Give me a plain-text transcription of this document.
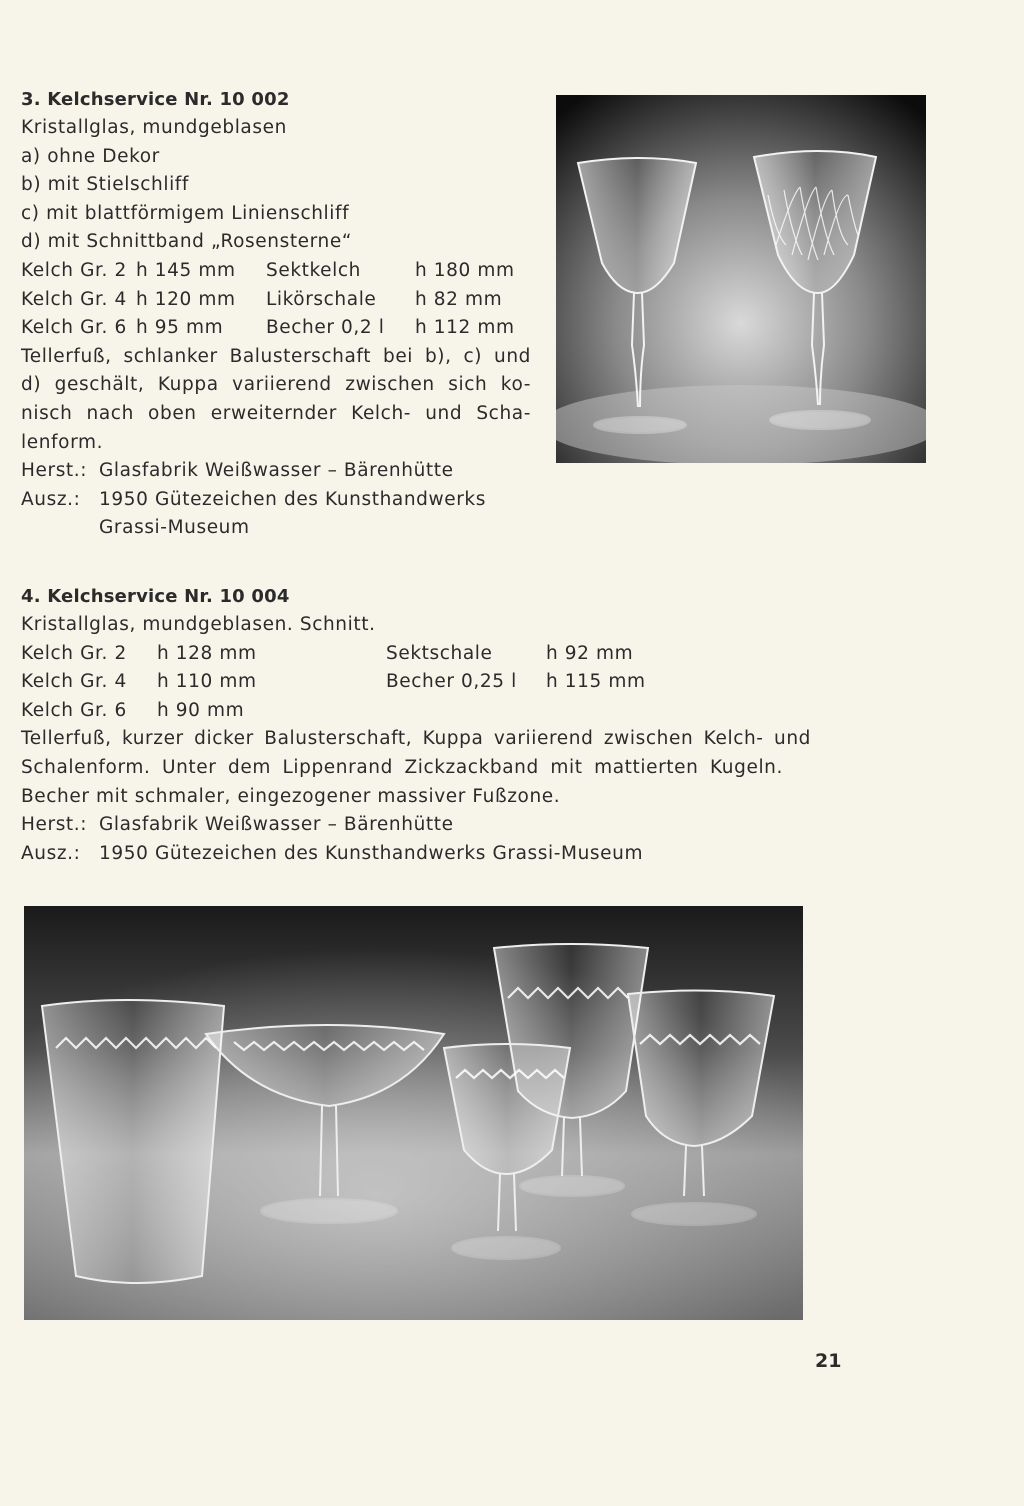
3. Kelchservice Nr. 10 002
Kristallglas, mundgeblasen
a) ohne Dekor
b) mit Stielschliff
c) mit blattförmigem Linienschliff
d) mit Schnittband „Rosensterne“
Kelch Gr. 2 h 145 mm	Sektkelch	h 180 mm
Kelch Gr. 4 h 120 mm	Likörschale	h 82 mm
Kelch Gr. 6 h 95 mm	Becher 0,2 l	h 112 mm
Tellerfuß, schlanker Balusterschaft bei b), c) und
d) geschält, Kuppa variierend zwischen sich ko-
nisch nach oben erweiternder Kelch- und Scha-
lenform.
Herst.: Glasfabrik Weißwasser – Bärenhütte
Ausz.:	1950 Gütezeichen des Kunsthandwerks
Grassi-Museum
4. Kelchservice Nr. 10 004
Kristallglas, mundgeblasen. Schnitt.
Kelch Gr. 2	h 128 mm	Sektschale	h 92 mm
Kelch Gr. 4	h 110 mm	Becher 0,25 l	h 115 mm
Kelch Gr. 6	h 90 mm
Tellerfuß, kurzer dicker Balusterschaft, Kuppa variierend zwischen Kelch- und
Schalenform. Unter dem Lippenrand Zickzackband mit mattierten Kugeln.
Becher mit schmaler, eingezogener massiver Fußzone.
Herst.: Glasfabrik Weißwasser – Bärenhütte
Ausz.:	1950 Gütezeichen des Kunsthandwerks Grassi-Museum
21
